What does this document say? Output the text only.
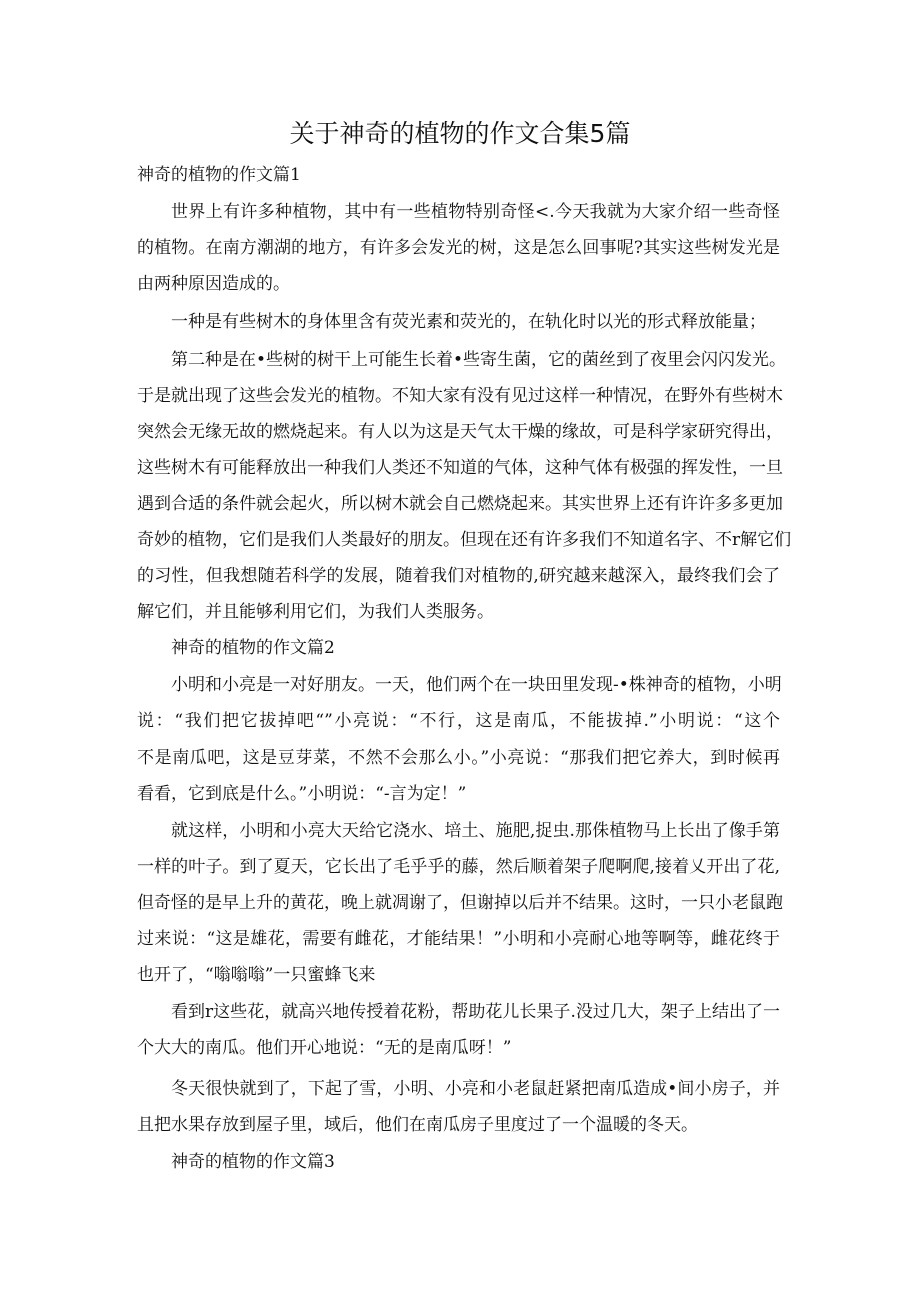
关于神奇的植物的作文合集5篇

神奇的植物的作文篇1

世界上有许多种植物，其中有一些植物特别奇怪<.今天我就为大家介绍一些奇怪

的植物。在南方潮湖的地方，有许多会发光的树，这是怎么回事呢?其实这些树发光是

由两种原因造成的。

一种是有些树木的身体里含有荧光素和荧光的，在轨化时以光的形式释放能量；

第二种是在•些树的树干上可能生长着•些寄生菌，它的菌丝到了夜里会闪闪发光。

于是就出现了这些会发光的植物。不知大家有没有见过这样一种情况，在野外有些树木

突然会无缘无故的燃烧起来。有人以为这是天气太干燥的缘故，可是科学家研究得出，

这些树木有可能释放出一种我们人类还不知道的气体，这种气体有极强的挥发性，一旦

遇到合适的条件就会起火，所以树木就会自己燃烧起来。其实世界上还有许许多多更加

奇妙的植物，它们是我们人类最好的朋友。但现在还有许多我们不知道名字、不r解它们

的习性，但我想随若科学的发展，随着我们对植物的,研究越来越深入，最终我们会了

解它们，并且能够利用它们，为我们人类服务。

神奇的植物的作文篇2

小明和小亮是一对好朋友。一天，他们两个在一块田里发现-•株神奇的植物，小明

说：“我们把它拔掉吧“”小亮说：“不行，这是南瓜，不能拔掉.”小明说：“这个

不是南瓜吧，这是豆芽菜，不然不会那么小。”小亮说：“那我们把它养大，到时候再

看看，它到底是什么。”小明说：“-言为定！”

就这样，小明和小亮大天给它浇水、培土、施肥,捉虫.那侏植物马上长出了像手第

一样的叶子。到了夏天，它长出了毛乎乎的藤，然后顺着架子爬啊爬,接着乂开出了花,

但奇怪的是早上升的黄花，晚上就凋谢了，但谢掉以后并不结果。这时，一只小老鼠跑

过来说：“这是雄花，需要有雌花，才能结果！”小明和小亮耐心地等啊等，雌花终于

也开了，“嗡嗡嗡”一只蜜蜂飞来

看到r这些花，就高兴地传授着花粉，帮助花儿长果子.没过几大，架子上结出了一

个大大的南瓜。他们开心地说：“无的是南瓜呀！”

冬天很快就到了，下起了雪，小明、小亮和小老鼠赶紧把南瓜造成•间小房子，并

且把水果存放到屋子里，域后，他们在南瓜房子里度过了一个温暖的冬天。

神奇的植物的作文篇3
